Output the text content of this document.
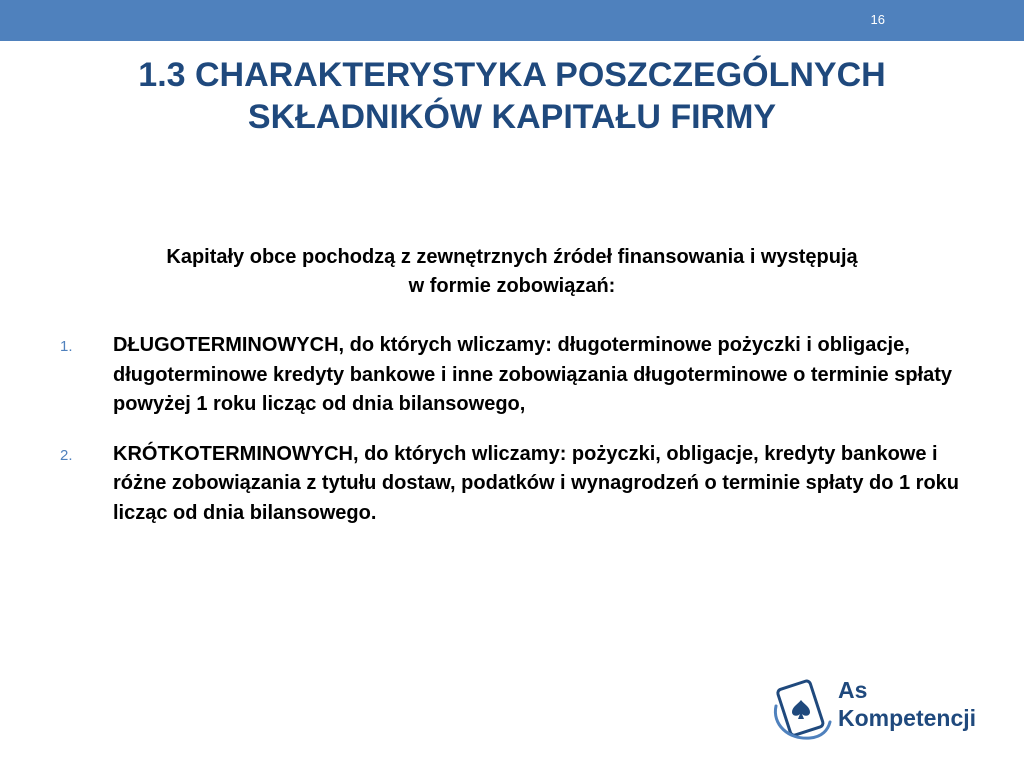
16
1.3 CHARAKTERYSTYKA POSZCZEGÓLNYCH SKŁADNIKÓW KAPITAŁU FIRMY

Kapitały obce pochodzą z zewnętrznych źródeł finansowania i występują
w formie zobowiązań:

1. DŁUGOTERMINOWYCH, do których wliczamy: długoterminowe pożyczki i obligacje, długoterminowe kredyty bankowe i inne zobowiązania długoterminowe o terminie spłaty powyżej 1 roku licząc od dnia bilansowego,
2. KRÓTKOTERMINOWYCH, do których wliczamy: pożyczki, obligacje, kredyty bankowe i różne zobowiązania z tytułu dostaw, podatków i wynagrodzeń o terminie spłaty do 1 roku licząc od dnia bilansowego.
As
Kompetencji
